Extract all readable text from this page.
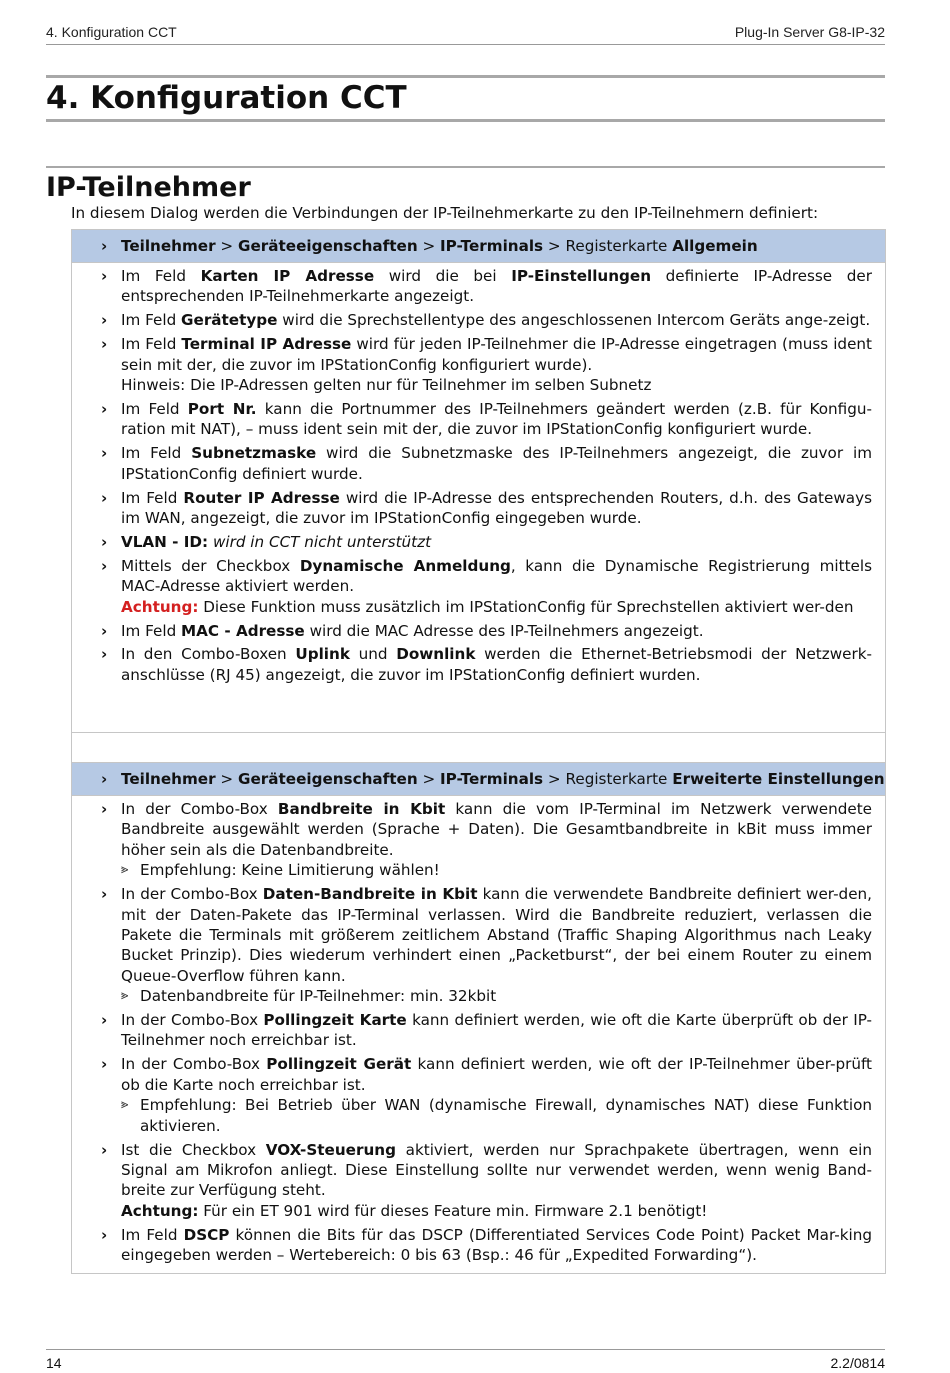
4. Konfiguration CCT	Plug-In Server G8-IP-32
4. Konfiguration CCT
IP-Teilnehmer
In diesem Dialog werden die Verbindungen der IP-Teilnehmerkarte zu den IP-Teilnehmern definiert:
› Teilnehmer > Geräteeigenschaften > IP-Terminals > Registerkarte Allgemein
› Im Feld Karten IP Adresse wird die bei IP-Einstellungen definierte IP-Adresse der entsprechenden IP-Teilnehmerkarte angezeigt.
› Im Feld Gerätetype wird die Sprechstellentype des angeschlossenen Intercom Geräts ange-zeigt.
› Im Feld Terminal IP Adresse wird für jeden IP-Teilnehmer die IP-Adresse eingetragen (muss ident sein mit der, die zuvor im IPStationConfig konfiguriert wurde).
Hinweis: Die IP-Adressen gelten nur für Teilnehmer im selben Subnetz
› Im Feld Port Nr. kann die Portnummer des IP-Teilnehmers geändert werden (z.B. für Konfigu-ration mit NAT), – muss ident sein mit der, die zuvor im IPStationConfig konfiguriert wurde.
› Im Feld Subnetzmaske wird die Subnetzmaske des IP-Teilnehmers angezeigt, die zuvor im IPStationConfig definiert wurde.
› Im Feld Router IP Adresse wird die IP-Adresse des entsprechenden Routers, d.h. des Gateways im WAN, angezeigt, die zuvor im IPStationConfig eingegeben wurde.
› VLAN - ID: wird in CCT nicht unterstützt
› Mittels der Checkbox Dynamische Anmeldung, kann die Dynamische Registrierung mittels MAC-Adresse aktiviert werden.
Achtung: Diese Funktion muss zusätzlich im IPStationConfig für Sprechstellen aktiviert wer-den
› Im Feld MAC - Adresse wird die MAC Adresse des IP-Teilnehmers angezeigt.
› In den Combo-Boxen Uplink und Downlink werden die Ethernet-Betriebsmodi der Netzwerk-anschlüsse (RJ 45) angezeigt, die zuvor im IPStationConfig definiert wurden.
› Teilnehmer > Geräteeigenschaften > IP-Terminals > Registerkarte Erweiterte Einstellungen
› In der Combo-Box Bandbreite in Kbit kann die vom IP-Terminal im Netzwerk verwendete Bandbreite ausgewählt werden (Sprache + Daten). Die Gesamtbandbreite in kBit muss immer höher sein als die Datenbandbreite.
⪢ Empfehlung: Keine Limitierung wählen!
› In der Combo-Box Daten-Bandbreite in Kbit kann die verwendete Bandbreite definiert wer-den, mit der Daten-Pakete das IP-Terminal verlassen. Wird die Bandbreite reduziert, verlassen die Pakete die Terminals mit größerem zeitlichem Abstand (Traffic Shaping Algorithmus nach Leaky Bucket Prinzip). Dies wiederum verhindert einen „Packetburst“, der bei einem Router zu einem Queue-Overflow führen kann.
⪢ Datenbandbreite für IP-Teilnehmer: min. 32kbit
› In der Combo-Box Pollingzeit Karte kann definiert werden, wie oft die Karte überprüft ob der IP-Teilnehmer noch erreichbar ist.
› In der Combo-Box Pollingzeit Gerät kann definiert werden, wie oft der IP-Teilnehmer über-prüft ob die Karte noch erreichbar ist.
⪢ Empfehlung: Bei Betrieb über WAN (dynamische Firewall, dynamisches NAT) diese Funktion aktivieren.
› Ist die Checkbox VOX-Steuerung aktiviert, werden nur Sprachpakete übertragen, wenn ein Signal am Mikrofon anliegt. Diese Einstellung sollte nur verwendet werden, wenn wenig Band-breite zur Verfügung steht.
Achtung: Für ein ET 901 wird für dieses Feature min. Firmware 2.1 benötigt!
› Im Feld DSCP können die Bits für das DSCP (Differentiated Services Code Point) Packet Mar-king eingegeben werden – Wertebereich: 0 bis 63 (Bsp.: 46 für „Expedited Forwarding“).
14	2.2/0814
